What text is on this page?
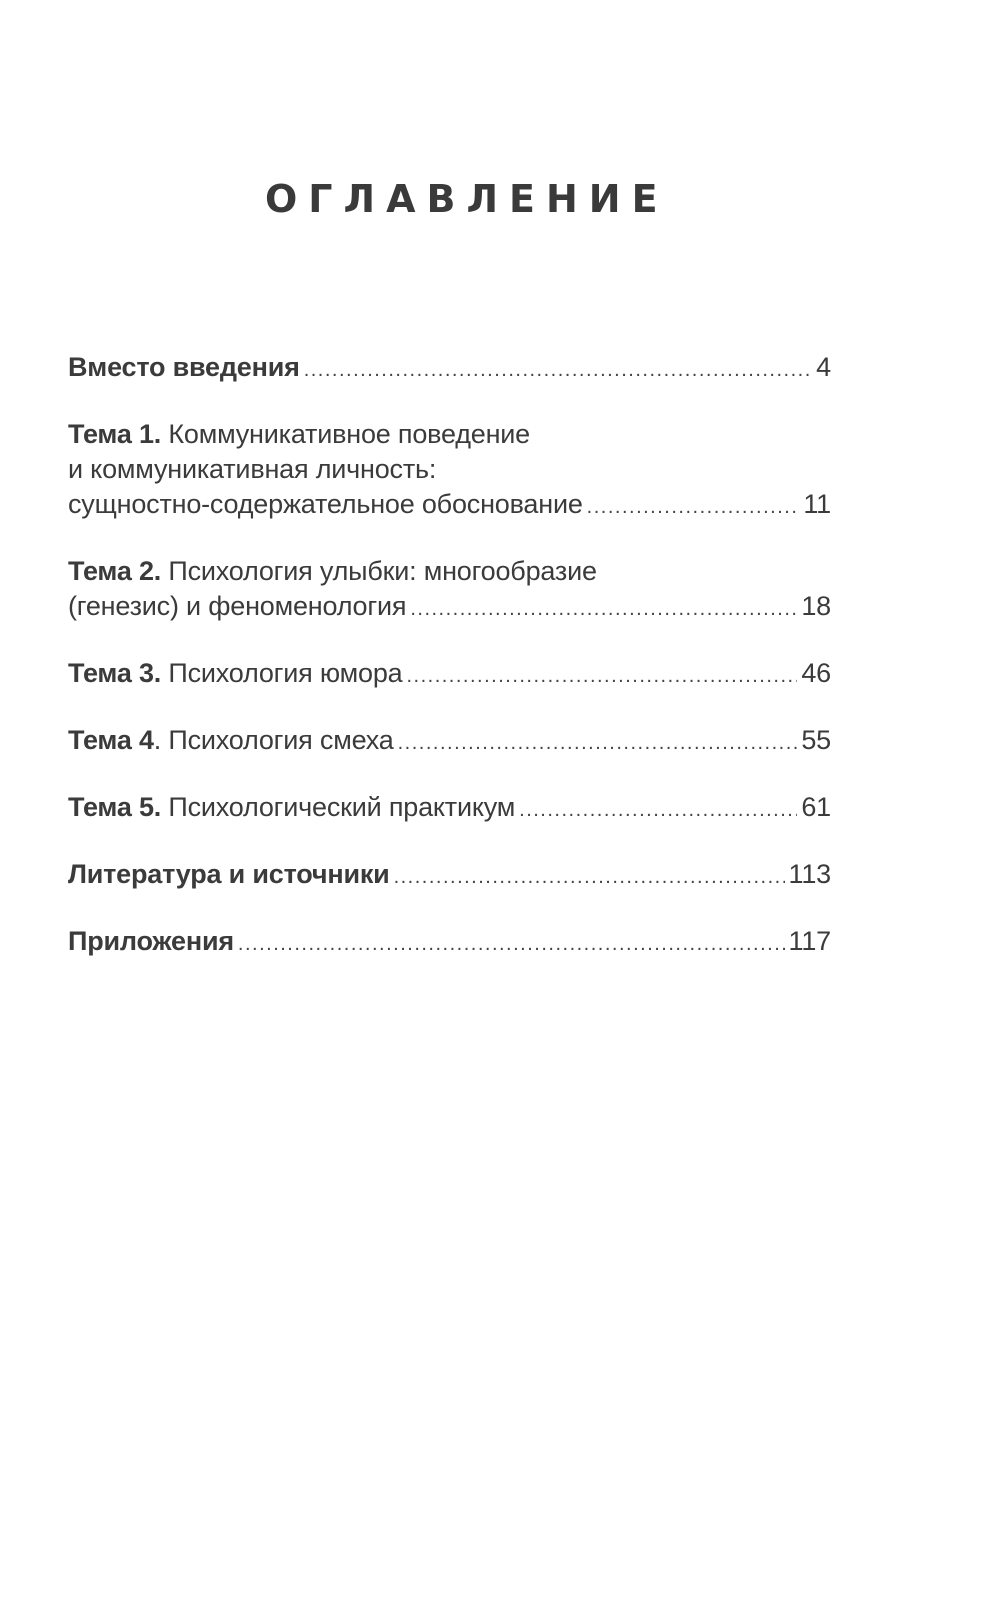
ОГЛАВЛЕНИЕ
Вместо введения .....	4
Тема 1. Коммуникативное поведение
и коммуникативная личность:
сущностно-содержательное обоснование .....	11
Тема 2. Психология улыбки: многообразие
(генезис) и феноменология .....	18
Тема 3. Психология юмора .....	46
Тема 4 . Психология смеха .....	55
Тема 5. Психологический практикум .....	61
Литература и источники .....	113
Приложения .....	117
